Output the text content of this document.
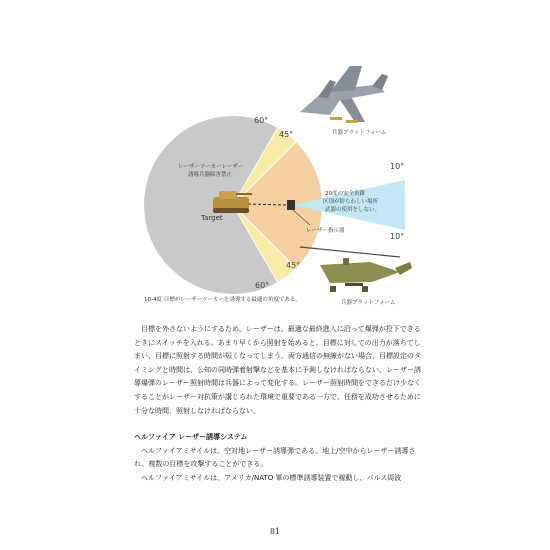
60°
45°
10°
10°
45°
60°
レーザーツーカーレーザー
誘導兵器障害禁止
Target
レーザー指示器
20度の安全角錐
区別が紛らわしい場所
武器の使用をしない。
兵器プラットフォーム
兵器プラットフォーム
10-4度 目標がレーザーツーカーを誘導する最適の角度である。

目標を外さないようにするため、レーザーは、最適な最終進入に沿って爆弾が投下できるときにスイッチを入れる。あまり早くから照射を始めると、目標に対しての出力が落ちてしまい、目標に照射する時間が短くなってしまう。両方通信の無線がない場合、目標設定のタイミングと時間は、公知の同時弾着射撃などを基本に予測しなければならない。レーザー誘導爆弾のレーザー照射時間は兵器によって変化する。レーザー照射時間をできるだけ少なくすることがレーザー対抗策が講じられた環境で重要である一方で、任務を成功させるために十分な時間、照射しなければならない。

ヘルファイア レーザー誘導システム

ヘルファイアミサイルは、空対地レーザー誘導弾である。地上/空中からレーザー誘導され、複数の目標を攻撃することができる。

ヘルファイアミサイルは、アメリカ/NATO 軍の標準誘導装置で稼動し、パルス周波

81
